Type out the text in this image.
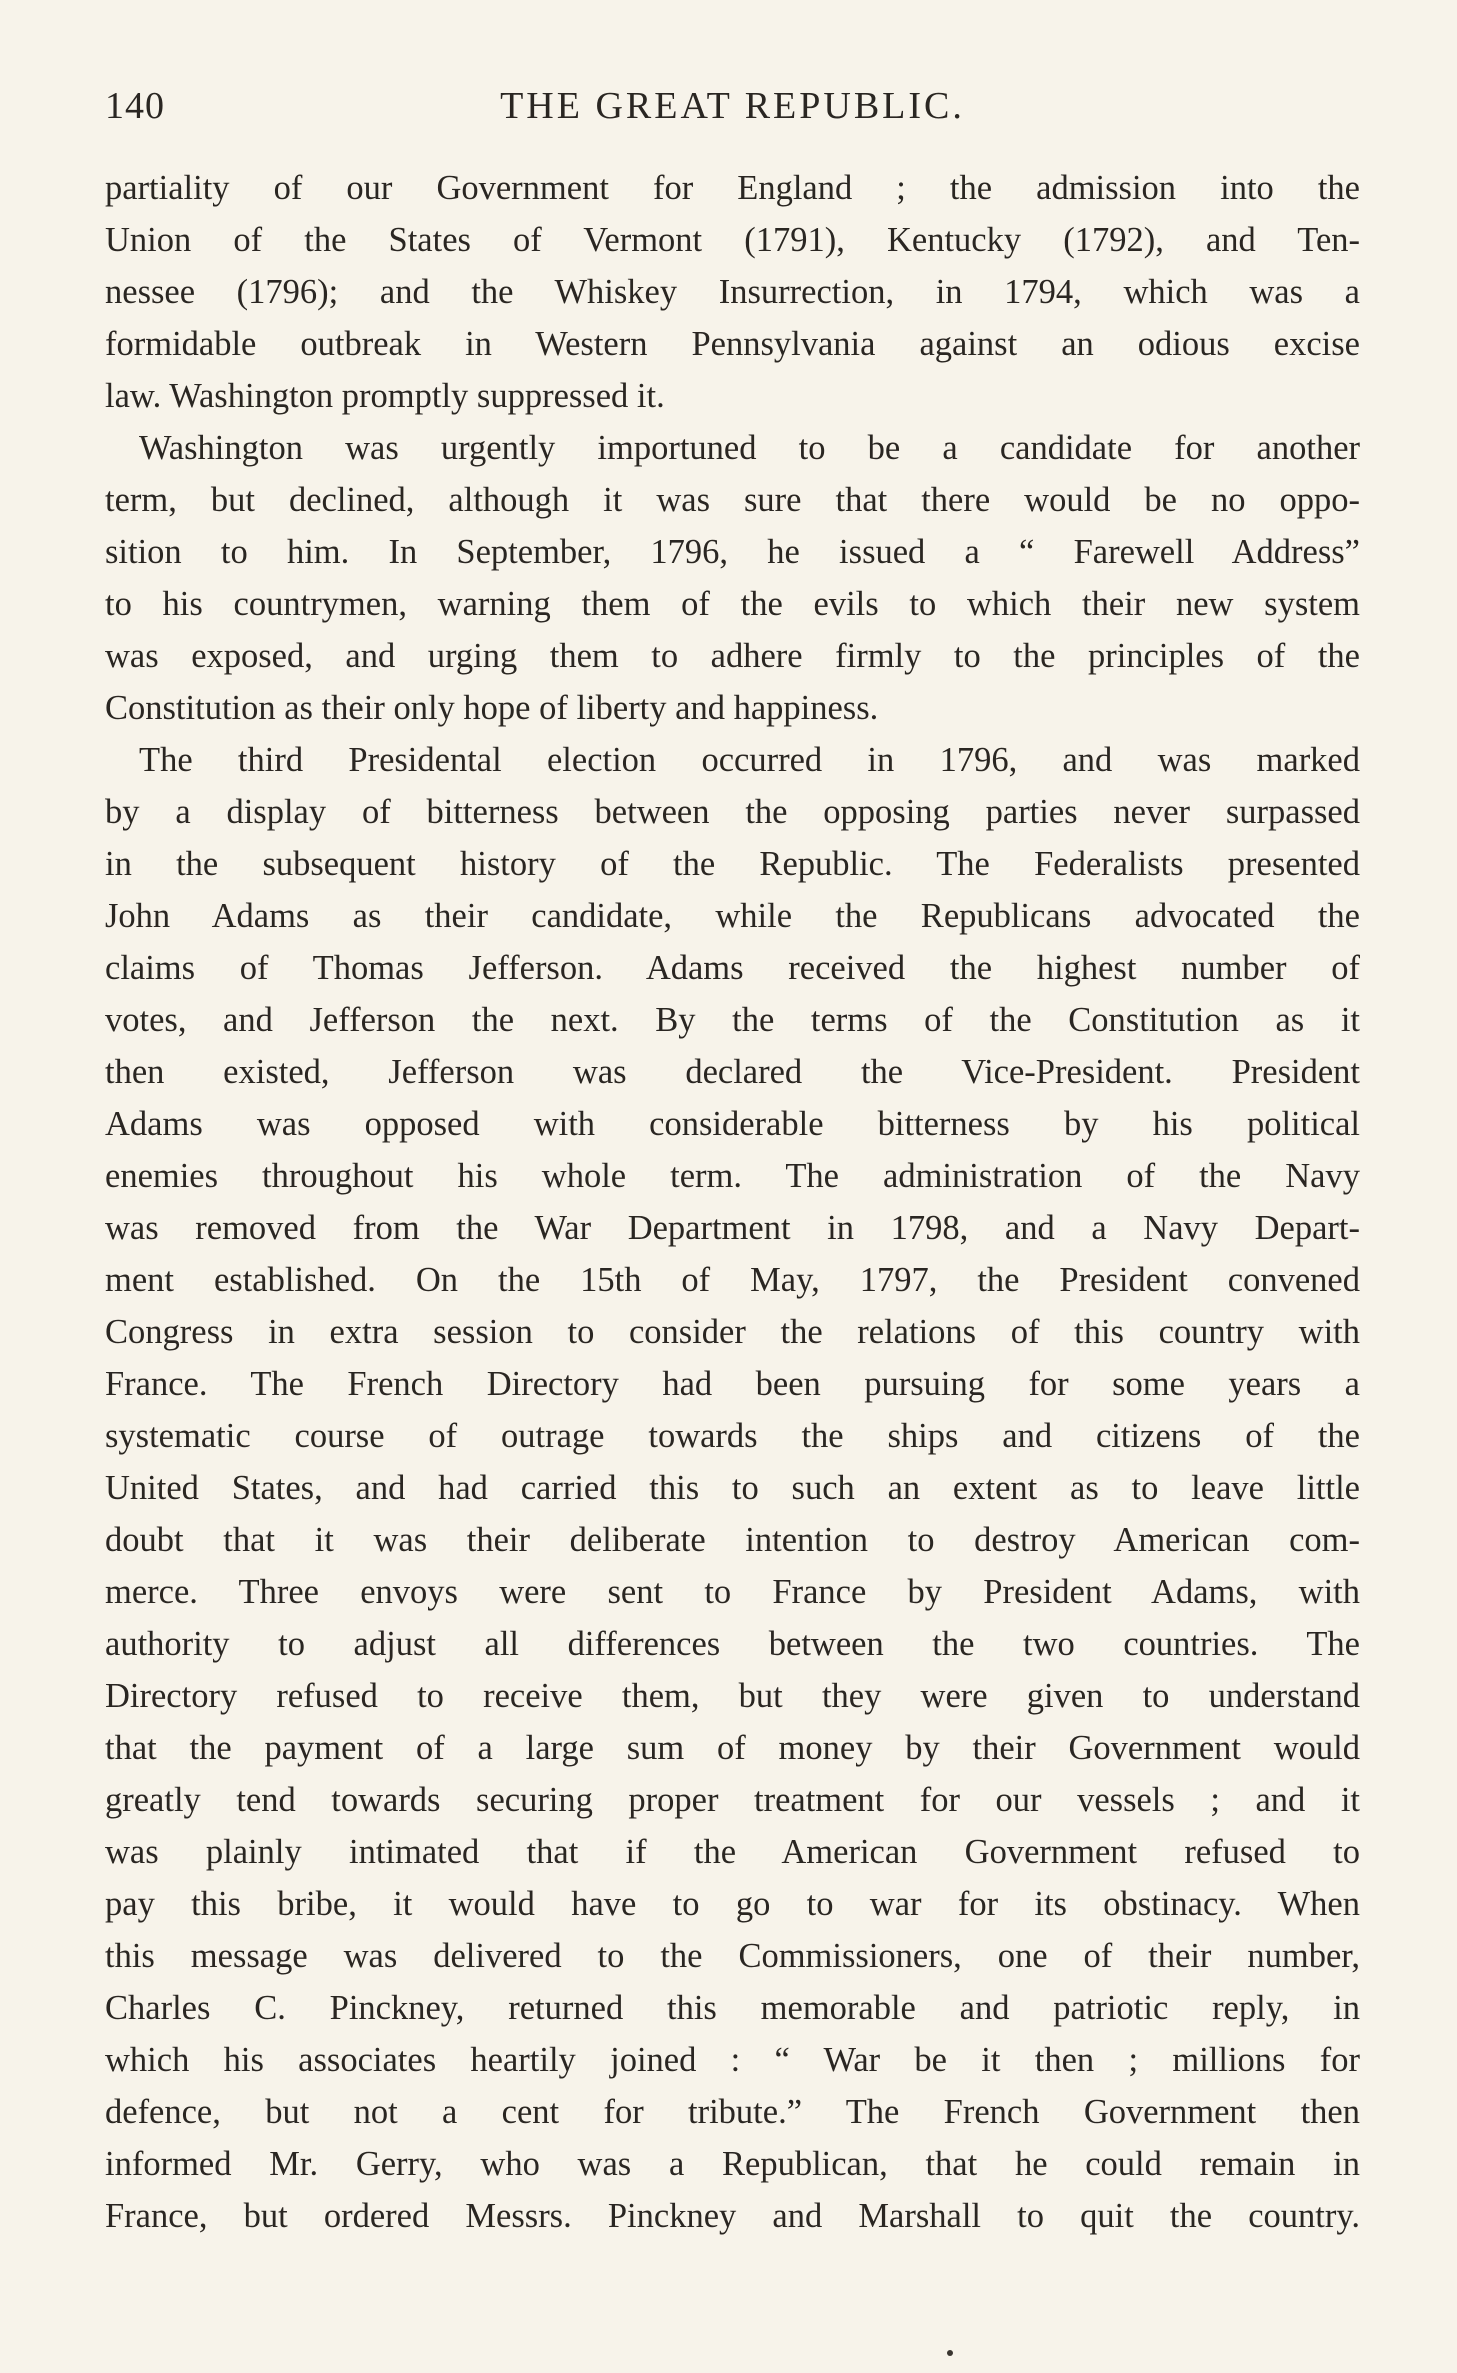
140	THE GREAT REPUBLIC.
partiality of our Government for England ; the admission into the
Union of the States of Vermont (1791), Kentucky (1792), and Ten-
nessee (1796); and the Whiskey Insurrection, in 1794, which was a
formidable outbreak in Western Pennsylvania against an odious excise
law. Washington promptly suppressed it.
Washington was urgently importuned to be a candidate for another
term, but declined, although it was sure that there would be no oppo-
sition to him. In September, 1796, he issued a “ Farewell Address”
to his countrymen, warning them of the evils to which their new system
was exposed, and urging them to adhere firmly to the principles of the
Constitution as their only hope of liberty and happiness.
The third Presidental election occurred in 1796, and was marked
by a display of bitterness between the opposing parties never surpassed
in the subsequent history of the Republic. The Federalists presented
John Adams as their candidate, while the Republicans advocated the
claims of Thomas Jefferson. Adams received the highest number of
votes, and Jefferson the next. By the terms of the Constitution as it
then existed, Jefferson was declared the Vice-President. President
Adams was opposed with considerable bitterness by his political
enemies throughout his whole term. The administration of the Navy
was removed from the War Department in 1798, and a Navy Depart-
ment established. On the 15th of May, 1797, the President convened
Congress in extra session to consider the relations of this country with
France. The French Directory had been pursuing for some years a
systematic course of outrage towards the ships and citizens of the
United States, and had carried this to such an extent as to leave little
doubt that it was their deliberate intention to destroy American com-
merce. Three envoys were sent to France by President Adams, with
authority to adjust all differences between the two countries. The
Directory refused to receive them, but they were given to understand
that the payment of a large sum of money by their Government would
greatly tend towards securing proper treatment for our vessels ; and it
was plainly intimated that if the American Government refused to
pay this bribe, it would have to go to war for its obstinacy. When
this message was delivered to the Commissioners, one of their number,
Charles C. Pinckney, returned this memorable and patriotic reply, in
which his associates heartily joined : “ War be it then ; millions for
defence, but not a cent for tribute.” The French Government then
informed Mr. Gerry, who was a Republican, that he could remain in
France, but ordered Messrs. Pinckney and Marshall to quit the country.
